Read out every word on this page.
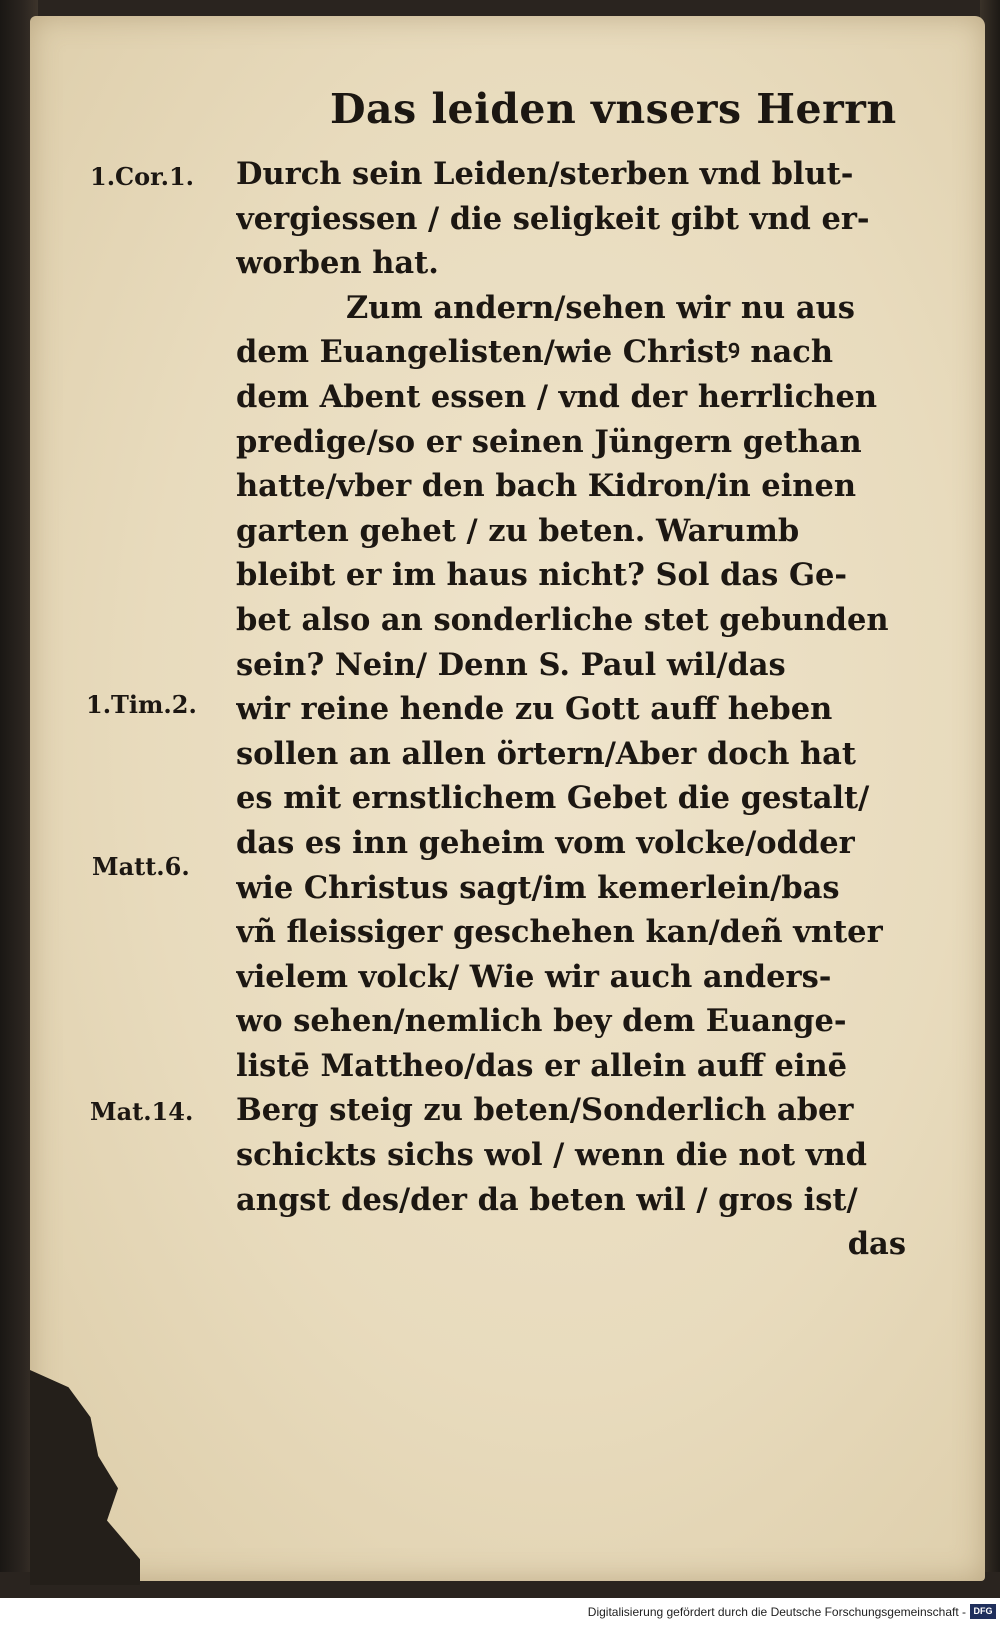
Das leiden vnsers Herrn
1.Cor.1.
1.Tim.2.
Matt.6.
Mat.14.
Durch sein Leiden/sterben vnd blut-
vergiessen / die seligkeit gibt vnd er-
worben hat.
Zum andern/sehen wir nu aus
dem Euangelisten/wie Christꝰ nach
dem Abent essen / vnd der herrlichen
predige/so er seinen Jüngern gethan
hatte/vber den bach Kidron/in einen
garten gehet / zu beten. Warumb
bleibt er im haus nicht? Sol das Ge-
bet also an sonderliche stet gebunden
sein? Nein/ Denn S. Paul wil/das
wir reine hende zu Gott auff heben
sollen an allen örtern/Aber doch hat
es mit ernstlichem Gebet die gestalt/
das es inn geheim vom volcke/odder
wie Christus sagt/im kemerlein/bas
vñ fleissiger geschehen kan/deñ vnter
vielem volck/ Wie wir auch anders-
wo sehen/nemlich bey dem Euange-
listē Mattheo/das er allein auff einē
Berg steig zu beten/Sonderlich aber
schickts sichs wol / wenn die not vnd
angst des/der da beten wil / gros ist/
das
Digitalisierung gefördert durch die Deutsche Forschungsgemeinschaft - DFG
